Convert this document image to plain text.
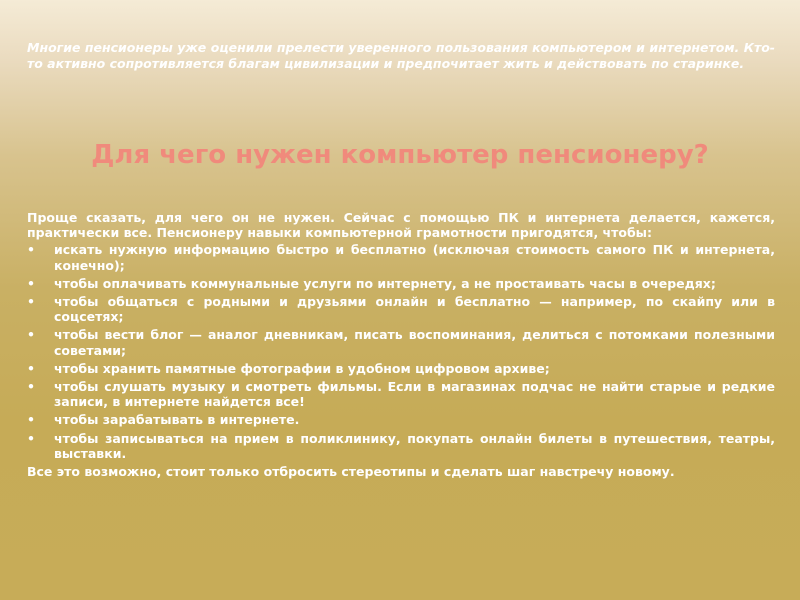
Многие пенсионеры уже оценили прелести уверенного пользования компьютером и интернетом. Кто-то активно сопротивляется благам цивилизации и предпочитает жить и действовать по старинке.

Для чего нужен компьютер пенсионеру?

Проще сказать, для чего он не нужен. Сейчас с помощью ПК и интернета делается, кажется, практически все. Пенсионеру навыки компьютерной грамотности пригодятся, чтобы:

• искать нужную информацию быстро и бесплатно (исключая стоимость самого ПК и интернета, конечно);
• чтобы оплачивать коммунальные услуги по интернету, а не простаивать часы в очередях;
• чтобы общаться с родными и друзьями онлайн и бесплатно — например, по скайпу или в соцсетях;
• чтобы вести блог — аналог дневникам, писать воспоминания, делиться с потомками полезными советами;
• чтобы хранить памятные фотографии в удобном цифровом архиве;
• чтобы слушать музыку и смотреть фильмы. Если в магазинах подчас не найти старые и редкие записи, в интернете найдется все!
• чтобы зарабатывать в интернете.
• чтобы записываться на прием в поликлинику, покупать онлайн билеты в путешествия, театры, выставки.

Все это возможно, стоит только отбросить стереотипы и сделать шаг навстречу новому.
